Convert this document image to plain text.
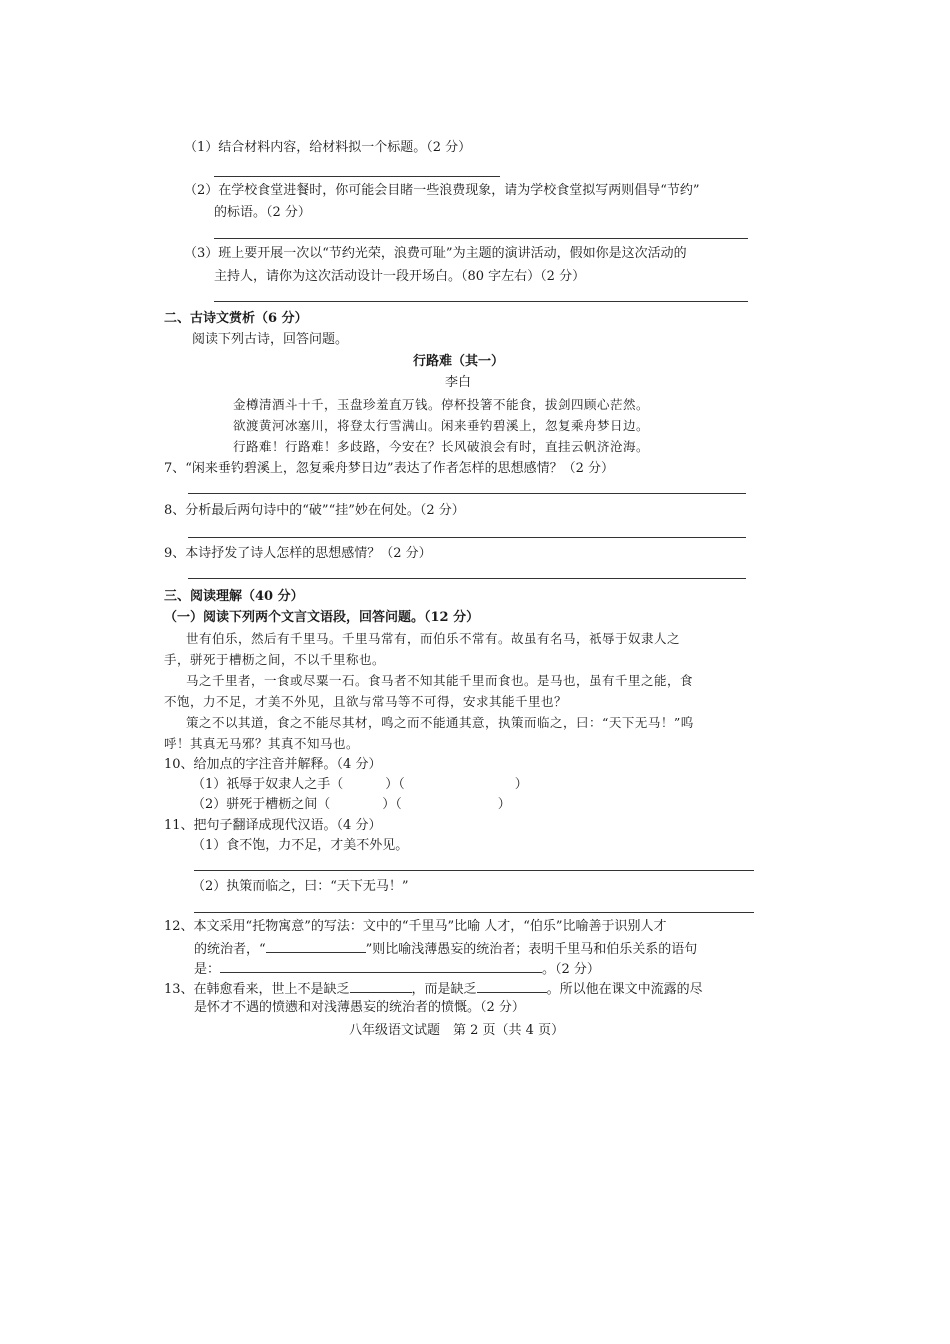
（1）结合材料内容，给材料拟一个标题。（2 分）
（2）在学校食堂进餐时，你可能会目睹一些浪费现象，请为学校食堂拟写两则倡导“节约”
的标语。（2 分）
（3）班上要开展一次以“节约光荣，浪费可耻”为主题的演讲活动，假如你是这次活动的
主持人，请你为这次活动设计一段开场白。（80 字左右）（2 分）
二、古诗文赏析（6 分）
阅读下列古诗，回答问题。
行路难（其一）
李白
金樽清酒斗十千，玉盘珍羞直万钱。停杯投箸不能食，拔剑四顾心茫然。
欲渡黄河冰塞川，将登太行雪满山。闲来垂钓碧溪上，忽复乘舟梦日边。
行路难！行路难！多歧路，今安在？长风破浪会有时，直挂云帆济沧海。
7、“闲来垂钓碧溪上，忽复乘舟梦日边”表达了作者怎样的思想感情？（2 分）
8、分析最后两句诗中的“破”“挂”妙在何处。（2 分）
9、本诗抒发了诗人怎样的思想感情？（2 分）
三、阅读理解（40 分）
（一）阅读下列两个文言文语段，回答问题。（12 分）
世有伯乐，然后有千里马。千里马常有，而伯乐不常有。故虽有名马，祇辱于奴隶人之
手，骈死于槽枥之间，不以千里称也。
马之千里者，一食或尽粟一石。食马者不知其能千里而食也。是马也，虽有千里之能，食
不饱，力不足，才美不外见，且欲与常马等不可得，安求其能千里也？
策之不以其道，食之不能尽其材，鸣之而不能通其意，执策而临之，曰：“天下无马！”呜
呼！其真无马邪？其真不知马也。
10、给加点的字注音并解释。（4 分）
（1）祇辱于奴隶人之手（	）（	）
（2）骈死于槽枥之间（	）（	）
11、把句子翻译成现代汉语。（4 分）
（1）食不饱，力不足，才美不外见。
（2）执策而临之，曰：“天下无马！”
12、本文采用“托物寓意”的写法：文中的“千里马”比喻 人才，“伯乐”比喻善于识别人才
的统治者，“	”则比喻浅薄愚妄的统治者；表明千里马和伯乐关系的语句
是：	。（2 分）
13、在韩愈看来，世上不是缺乏	，而是缺乏	。所以他在课文中流露的尽
是怀才不遇的愤懑和对浅薄愚妄的统治者的愤慨。（2 分）
八年级语文试题　第 2 页（共 4 页）
